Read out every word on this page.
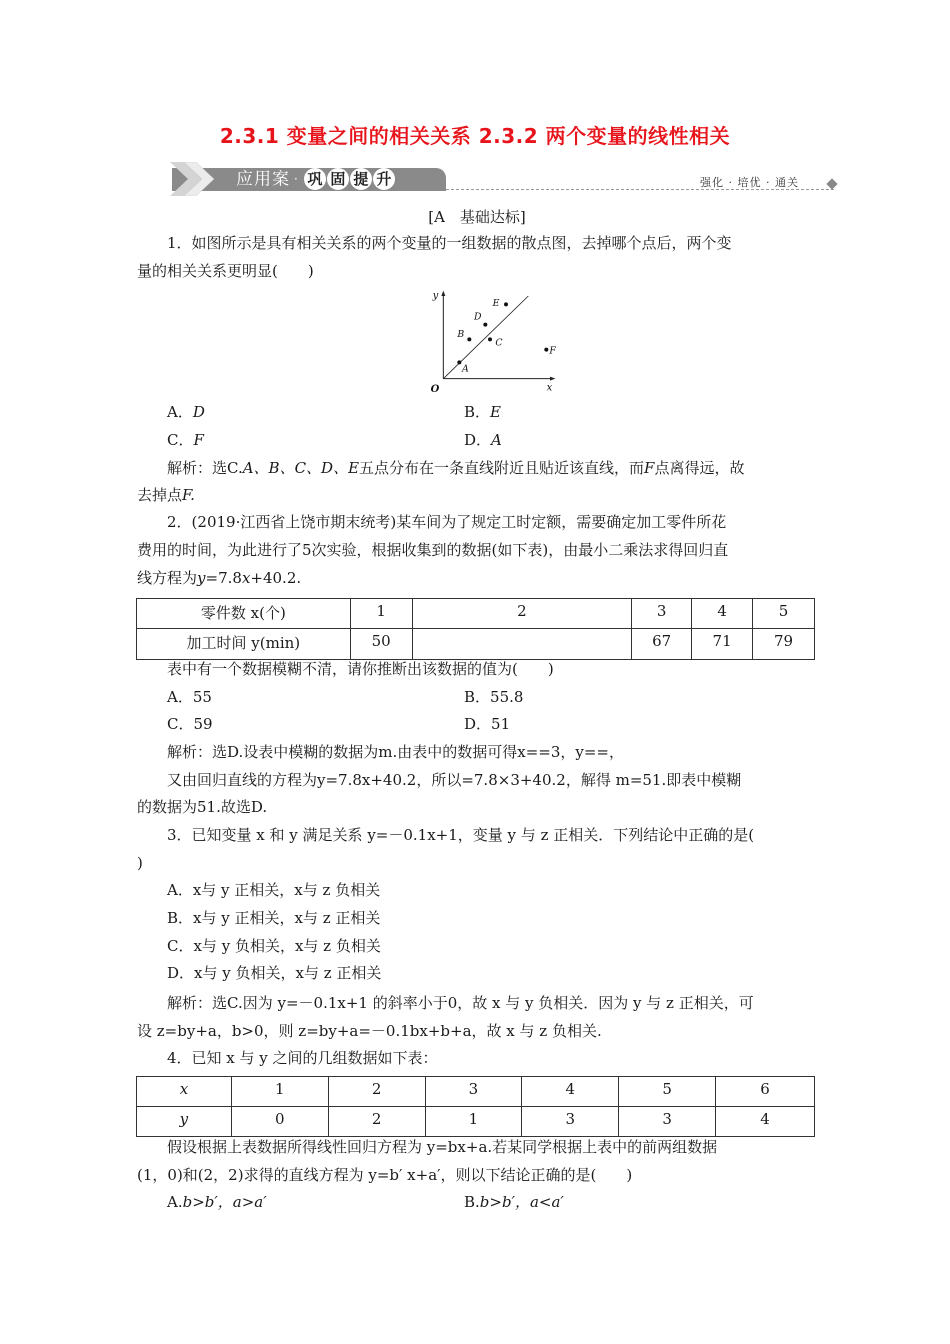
2.3.1 变量之间的相关关系 2.3.2 两个变量的线性相关
应用案 · 巩 固 提 升	强化 · 培优 · 通关
[A　基础达标]
1．如图所示是具有相关关系的两个变量的一组数据的散点图，去掉哪个点后，两个变
量的相关关系更明显(　　)
y
x
O
A
B
C
D
E
F
A．D	B．E
C．F	D．A
解析：选C.A、B、C、D、E五点分布在一条直线附近且贴近该直线，而F点离得远，故
去掉点F.
2．(2019·江西省上饶市期末统考)某车间为了规定工时定额，需要确定加工零件所花
费用的时间，为此进行了5次实验，根据收集到的数据(如下表)，由最小二乘法求得回归直
线方程为y=7.8x+40.2.
零件数 x(个)	1	2	3	4	5
加工时间 y(min)	50		67	71	79
表中有一个数据模糊不清，请你推断出该数据的值为(　　)
A．55	B．55.8
C．59	D．51
解析：选D.设表中模糊的数据为m.由表中的数据可得x==3，y==，
又由回归直线的方程为y=7.8x+40.2，所以=7.8×3+40.2，解得 m=51.即表中模糊
的数据为51.故选D.
3．已知变量 x 和 y 满足关系 y=－0.1x+1，变量 y 与 z 正相关．下列结论中正确的是(
)
A．x与 y 正相关，x与 z 负相关
B．x与 y 正相关，x与 z 正相关
C．x与 y 负相关，x与 z 负相关
D．x与 y 负相关，x与 z 正相关
解析：选C.因为 y=－0.1x+1 的斜率小于0，故 x 与 y 负相关．因为 y 与 z 正相关，可
设 z=by+a，b>0，则 z=by+a=－0.1bx+b+a，故 x 与 z 负相关.
4．已知 x 与 y 之间的几组数据如下表：
x	1	2	3	4	5	6
y	0	2	1	3	3	4
假设根据上表数据所得线性回归方程为 y=bx+a.若某同学根据上表中的前两组数据
(1，0)和(2，2)求得的直线方程为 y=b′ x+a′，则以下结论正确的是(　　)
A.b>b′，a>a′	B.b>b′，a<a′
